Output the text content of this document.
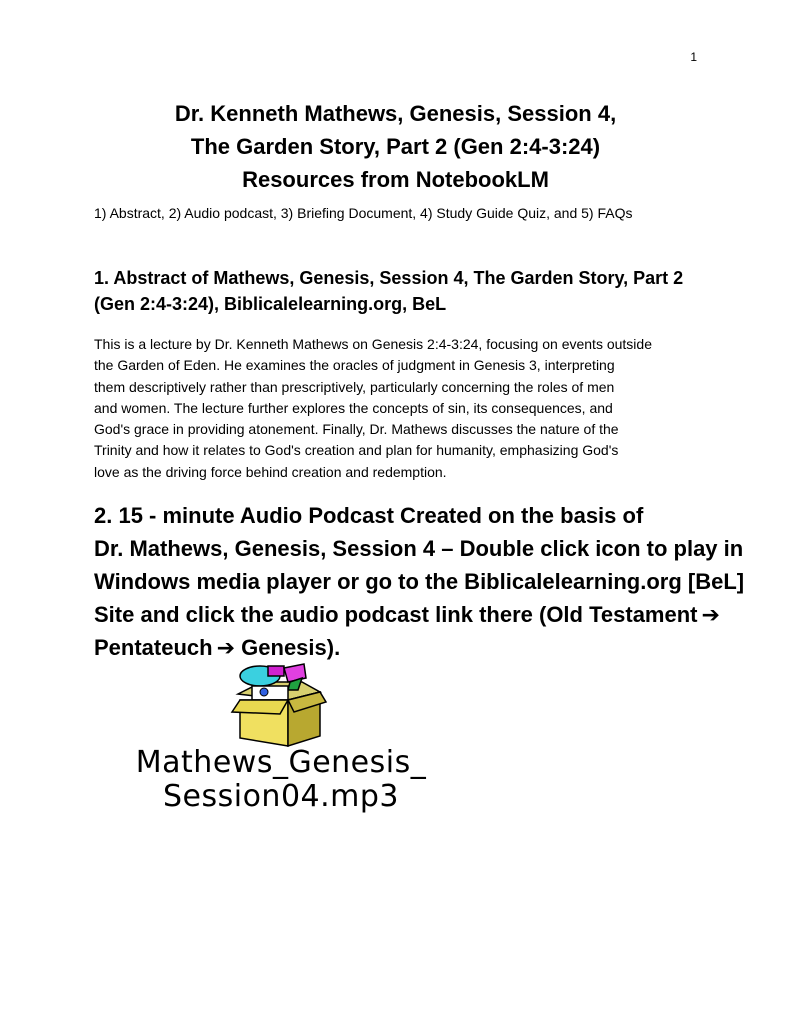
1
Dr. Kenneth Mathews, Genesis, Session 4,
The Garden Story, Part 2 (Gen 2:4-3:24)
Resources from NotebookLM
1) Abstract, 2) Audio podcast, 3) Briefing Document, 4) Study Guide Quiz, and 5) FAQs
1. Abstract of Mathews, Genesis, Session 4, The Garden Story, Part 2
(Gen 2:4-3:24), Biblicalelearning.org, BeL
This is a lecture by Dr. Kenneth Mathews on Genesis 2:4-3:24, focusing on events outside
the Garden of Eden. He examines the oracles of judgment in Genesis 3, interpreting
them descriptively rather than prescriptively, particularly concerning the roles of men
and women. The lecture further explores the concepts of sin, its consequences, and
God's grace in providing atonement. Finally, Dr. Mathews discusses the nature of the
Trinity and how it relates to God's creation and plan for humanity, emphasizing God's
love as the driving force behind creation and redemption.
2. 15 - minute Audio Podcast Created on the basis of
Dr. Mathews, Genesis, Session 4 – Double click icon to play in
Windows media player or go to the Biblicalelearning.org [BeL]
Site and click the audio podcast link there (Old Testament ➔
Pentateuch ➔ Genesis).
Mathews_Genesis_
Session04.mp3
